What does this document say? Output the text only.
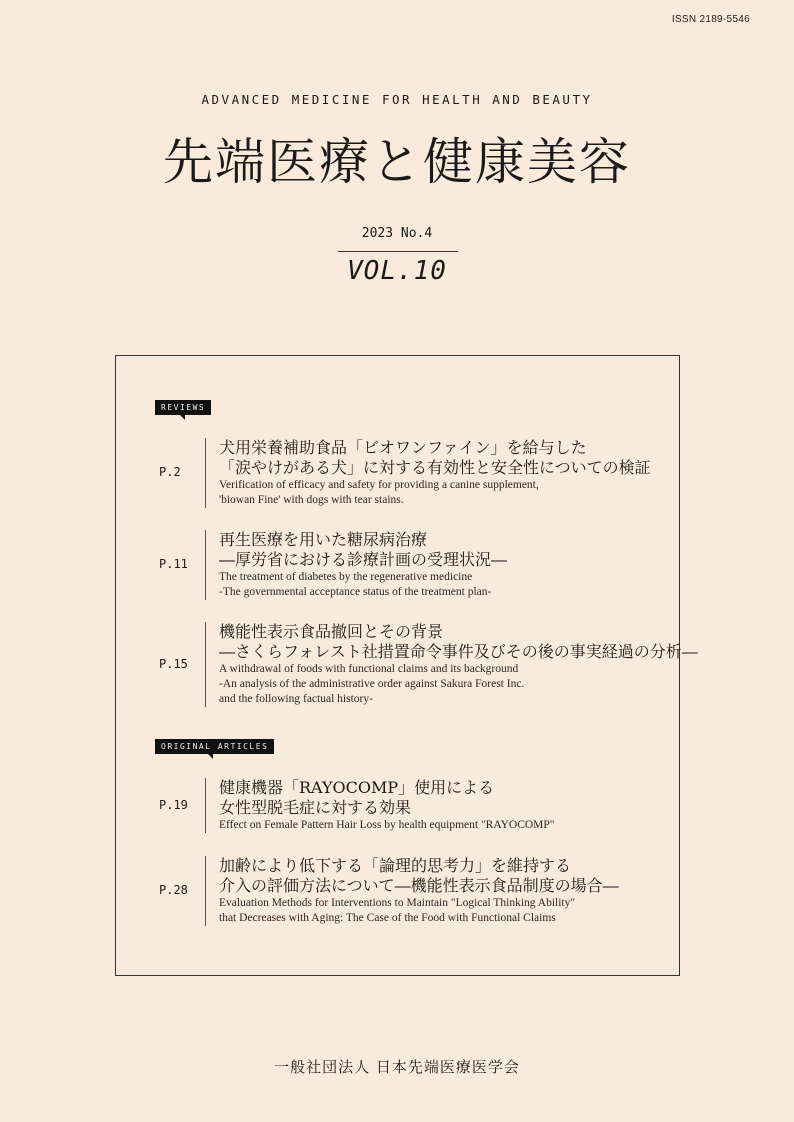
ISSN 2189-5546
ADVANCED MEDICINE FOR HEALTH AND BEAUTY
先端医療と健康美容
2023 No.4
VOL.10
REVIEWS
P.2
犬用栄養補助食品「ビオワンファイン」を給与した
「涙やけがある犬」に対する有効性と安全性についての検証
Verification of efficacy and safety for providing a canine supplement,
'biowan Fine' with dogs with tear stains.
P.11
再生医療を用いた糖尿病治療
―厚労省における診療計画の受理状況―
The treatment of diabetes by the regenerative medicine
-The governmental acceptance status of the treatment plan-
P.15
機能性表示食品撤回とその背景
―さくらフォレスト社措置命令事件及びその後の事実経過の分析―
A withdrawal of foods with functional claims and its background
-An analysis of the administrative order against Sakura Forest Inc.
and the following factual history-
ORIGINAL ARTICLES
P.19
健康機器「RAYOCOMP」使用による
女性型脱毛症に対する効果
Effect on Female Pattern Hair Loss by health equipment "RAYOCOMP"
P.28
加齢により低下する「論理的思考力」を維持する
介入の評価方法について―機能性表示食品制度の場合―
Evaluation Methods for Interventions to Maintain "Logical Thinking Ability"
that Decreases with Aging: The Case of the Food with Functional Claims
一般社団法人 日本先端医療医学会
